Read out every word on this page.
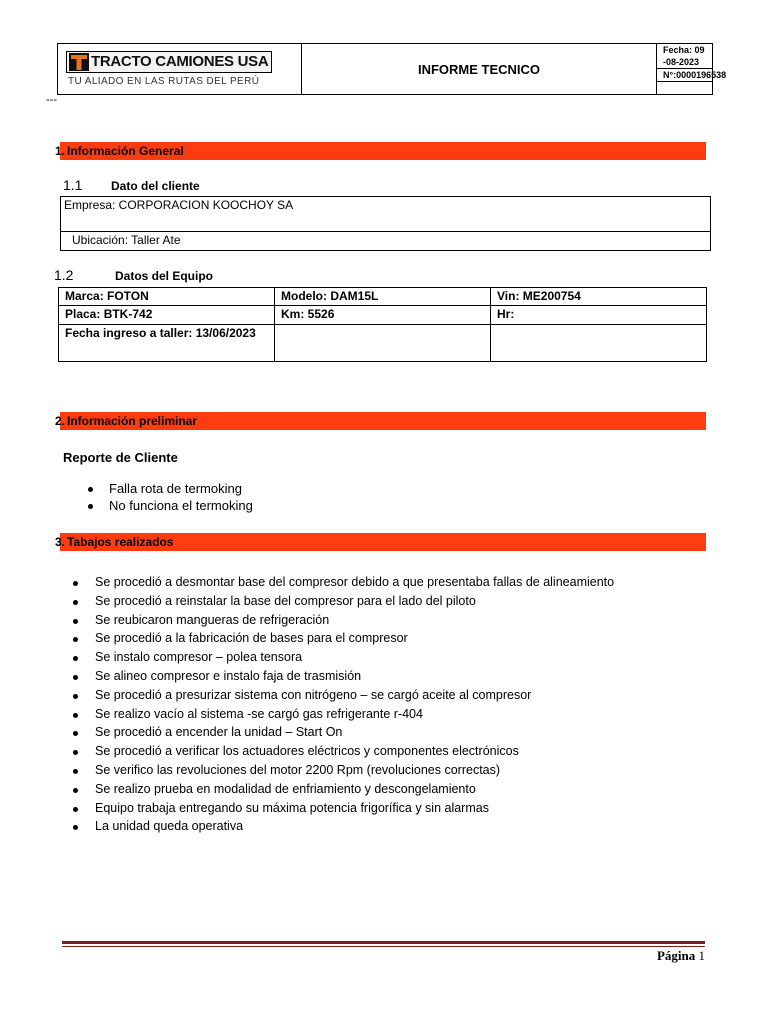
TRACTO CAMIONES USA
TU ALIADO EN LAS RUTAS DEL PERÚ
INFORME TECNICO
Fecha: 09
-08-2023
N°:0000196538
---
1. Información General
1.1 Dato del cliente
Empresa: CORPORACION KOOCHOY SA
Ubicación: Taller Ate
1.2	Datos del Equipo
Marca: FOTON	Modelo: DAM15L	Vin: ME200754
Placa: BTK-742	Km: 5526	Hr:
Fecha ingreso a taller: 13/06/2023		
2. Información preliminar
Reporte de Cliente
Falla rota de termoking
No funciona el termoking
3. Tabajos realizados
Se procedió a desmontar base del compresor debido a que presentaba fallas de alineamiento
Se procedió a reinstalar la base del compresor para el lado del piloto
Se reubicaron mangueras de refrigeración
Se procedió a la fabricación de bases para el compresor
Se instalo compresor – polea tensora
Se alineo compresor e instalo faja de trasmisión
Se procedió a presurizar sistema con nitrógeno – se cargó aceite al compresor
Se realizo vacío al sistema -se cargó gas refrigerante r-404
Se procedió a encender la unidad – Start On
Se procedió a verificar los actuadores eléctricos y componentes electrónicos
Se verifico las revoluciones del motor 2200 Rpm (revoluciones correctas)
Se realizo prueba en modalidad de enfriamiento y descongelamiento
Equipo trabaja entregando su máxima potencia frigorífica y sin alarmas
La unidad queda operativa
Página 1
